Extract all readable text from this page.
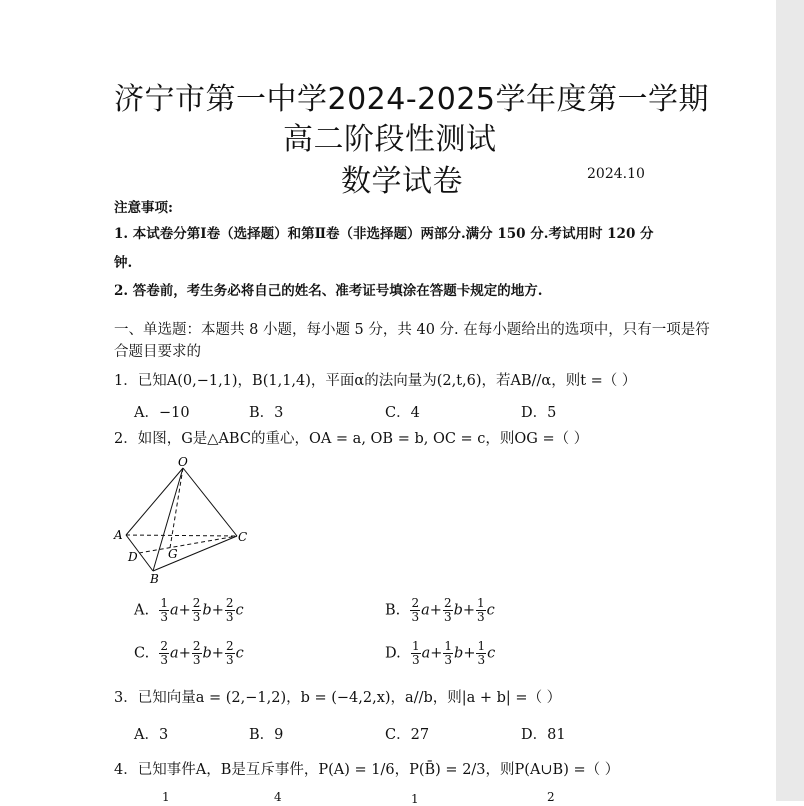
济宁市第一中学2024-2025学年度第一学期
高二阶段性测试
数学试卷	2024.10
注意事项:
1. 本试卷分第Ⅰ卷（选择题）和第Ⅱ卷（非选择题）两部分.满分 150 分.考试用时 120 分
钟.
2. 答卷前，考生务必将自己的姓名、准考证号填涂在答题卡规定的地方.
一、单选题：本题共 8 小题，每小题 5 分，共 40 分. 在每小题给出的选项中，只有一项是符
合题目要求的
1．已知A(0,−1,1)，B(1,1,4)，平面α的法向量为(2,t,6)，若AB//α，则t =（ ）
A．−10	B．3	C．4	D．5
2．如图，G是△ABC的重心，OA = a, OB = b, OC = c，则OG =（ ）
O
A
B
C
D	G
A. $\frac{1}{3} a+ \frac{2}{3} b+ \frac{2}{3}$ c	B. $\frac{2}{3} a+ \frac{2}{3} b+ \frac{1}{3}$ c
C. $\frac{2}{3} a+ \frac{2}{3} b+ \frac{2}{3}$ c	D. $\frac{1}{3} a+ \frac{1}{3} b+ \frac{1}{3}$ c
3．已知向量a = (2,−1,2)，b = (−4,2,x)，a//b，则|a + b| =（ ）
A．3	B．9	C．27	D．81
4．已知事件A，B是互斥事件，P(A) = 1/6，P(B̄) = 2/3，则P(A∪B) =（ ）
1	4	1	2
